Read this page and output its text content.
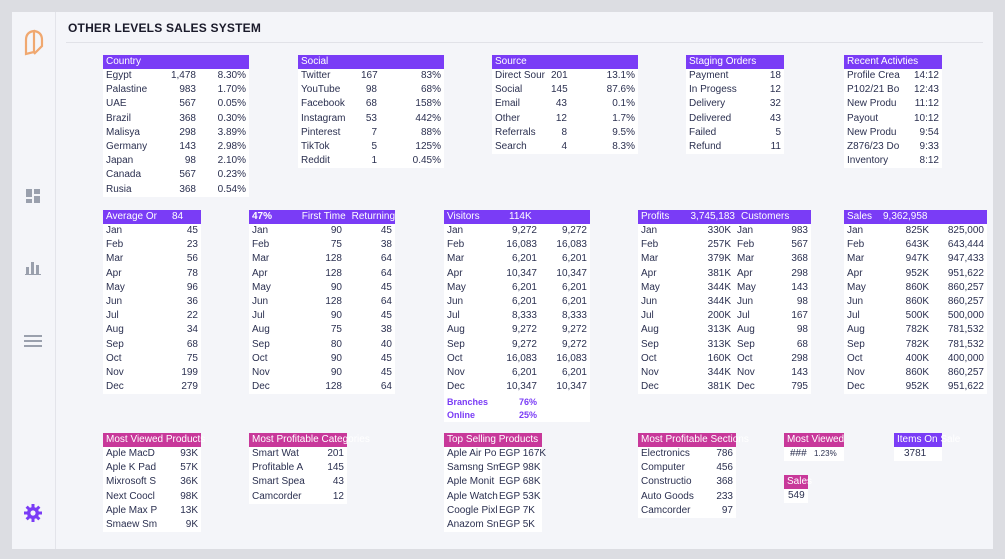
OTHER LEVELS SALES SYSTEM
Country
Egypt	1,478	8.30%
Palastine	983	1.70%
UAE	567	0.05%
Brazil	368	0.30%
Malisya	298	3.89%
Germany	143	2.98%
Japan	98	2.10%
Canada	567	0.23%
Rusia	368	0.54%
Social
Twitter	167	83%
YouTube	98	68%
Facebook	68	158%
Instagram	53	442%
Pinterest	7	88%
TikTok	5	125%
Reddit	1	0.45%
Source
Direct Sour	201	13.1%
Social	145	87.6%
Email	43	0.1%
Other	12	1.7%
Referrals	8	9.5%
Search	4	8.3%
Staging Orders
Payment	18
In Progess	12
Delivery	32
Delivered	43
Failed	5
Refund	11
Recent Activties
Profile Crea	14:12
P102/21 Bo	12:43
New Produ	11:12
Payout	10:12
New Produ	9:54
Z876/23 Do	9:33
Inventory	8:12
Average Or 84
Jan	45
Feb	23
Mar	56
Apr	78
May	96
Jun	36
Jul	22
Aug	34
Sep	68
Oct	75
Nov	199
Dec	279
47%	First Time Returning
Jan	90	45
Feb	75	38
Mar	128	64
Apr	128	64
May	90	45
Jun	128	64
Jul	90	45
Aug	75	38
Sep	80	40
Oct	90	45
Nov	90	45
Dec	128	64
Visitors	114K
Jan	9,272	9,272
Feb	16,083	16,083
Mar	6,201	6,201
Apr	10,347	10,347
May	6,201	6,201
Jun	6,201	6,201
Jul	8,333	8,333
Aug	9,272	9,272
Sep	9,272	9,272
Oct	16,083	16,083
Nov	6,201	6,201
Dec	10,347	10,347
Branches	76%	
Online	25%	
Profits	3,745,183 Customers
Jan	330K	Jan	983
Feb	257K	Feb	567
Mar	379K	Mar	368
Apr	381K	Apr	298
May	344K	May	143
Jun	344K	Jun	98
Jul	200K	Jul	167
Aug	313K	Aug	98
Sep	313K	Sep	68
Oct	160K	Oct	298
Nov	344K	Nov	143
Dec	381K	Dec	795
Sales	9,362,958
Jan	825K	825,000
Feb	643K	643,444
Mar	947K	947,433
Apr	952K	951,622
May	860K	860,257
Jun	860K	860,257
Jul	500K	500,000
Aug	782K	781,532
Sep	782K	781,532
Oct	400K	400,000
Nov	860K	860,257
Dec	952K	951,622
Most Viewed Products
Aple MacD	93K
Aple K Pad	57K
Mixrosoft S	36K
Next Coocl	98K
Aple Max P	13K
Smaew Sm	9K
Most Profitable Categories
Smart Wat	201
Profitable A	145
Smart Spea	43
Camcorder	12
Top Selling Products
Aple Air Po	EGP 167K
Samsng Sm	EGP 98K
Aple Monit	EGP 68K
Aple Watch	EGP 53K
Coogle Pixl	EGP 7K
Anazom Sn	EGP 5K
Most Profitable Sections
Electronics	786
Computer	456
Constructio	368
Auto Goods	233
Camcorder	97
Most Viewed
### 1.23%
Items On Sale
3781
Sales
549
